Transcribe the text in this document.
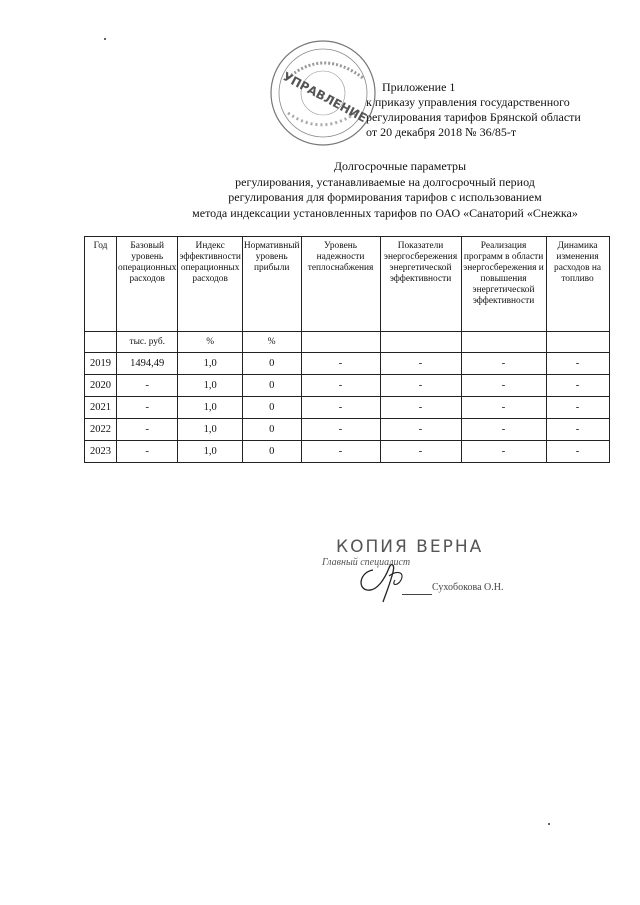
УПРАВЛЕНИЕ	Приложение 1
к приказу управления государственного
регулирования тарифов Брянской области
от 20 декабря 2018 № 36/85-т
Долгосрочные параметры
регулирования, устанавливаемые на долгосрочный период
регулирования для формирования тарифов с использованием
метода индексации установленных тарифов по ОАО «Санаторий «Снежка»
Год	Базовый уровень операционных расходов	Индекс эффективности операционных расходов	Нормативный уровень прибыли	Уровень надежности теплоснабжения	Показатели энергосбережения энергетической эффективности	Реализация программ в области энергосбережения и повышения энергетической эффективности	Динамика изменения расходов на топливо
	тыс. руб.	%	%				
2019	1494,49	1,0	0	-	-	-	-
2020	-	1,0	0	-	-	-	-
2021	-	1,0	0	-	-	-	-
2022	-	1,0	0	-	-	-	-
2023	-	1,0	0	-	-	-	-
КОПИЯ ВЕРНА
Главный специалист
Сухобокова О.Н.
